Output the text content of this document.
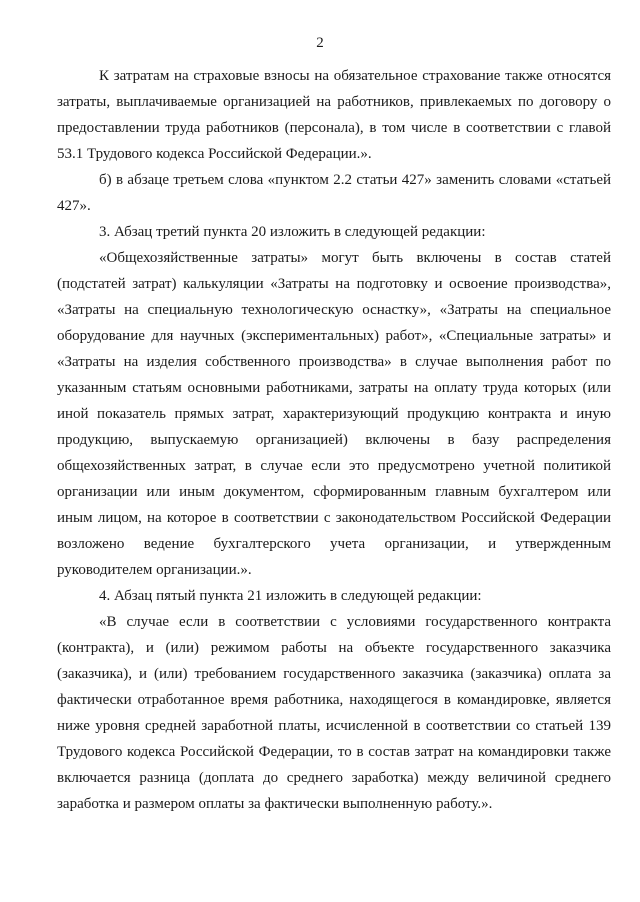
2

К затратам на страховые взносы на обязательное страхование также относятся затраты, выплачиваемые организацией на работников, привлекаемых по договору о предоставлении труда работников (персонала), в том числе в соответствии с главой 53.1 Трудового кодекса Российской Федерации.».

б) в абзаце третьем слова «пунктом 2.2 статьи 427» заменить словами «статьей 427».

3. Абзац третий пункта 20 изложить в следующей редакции:

«Общехозяйственные затраты» могут быть включены в состав статей (подстатей затрат) калькуляции «Затраты на подготовку и освоение производства», «Затраты на специальную технологическую оснастку», «Затраты на специальное оборудование для научных (экспериментальных) работ», «Специальные затраты» и «Затраты на изделия собственного производства» в случае выполнения работ по указанным статьям основными работниками, затраты на оплату труда которых (или иной показатель прямых затрат, характеризующий продукцию контракта и иную продукцию, выпускаемую организацией) включены в базу распределения общехозяйственных затрат, в случае если это предусмотрено учетной политикой организации или иным документом, сформированным главным бухгалтером или иным лицом, на которое в соответствии с законодательством Российской Федерации возложено ведение бухгалтерского учета организации, и утвержденным руководителем организации.».

4. Абзац пятый пункта 21 изложить в следующей редакции:

«В случае если в соответствии с условиями государственного контракта (контракта), и (или) режимом работы на объекте государственного заказчика (заказчика), и (или) требованием государственного заказчика (заказчика) оплата за фактически отработанное время работника, находящегося в командировке, является ниже уровня средней заработной платы, исчисленной в соответствии со статьей 139 Трудового кодекса Российской Федерации, то в состав затрат на командировки также включается разница (доплата до среднего заработка) между величиной среднего заработка и размером оплаты за фактически выполненную работу.».
